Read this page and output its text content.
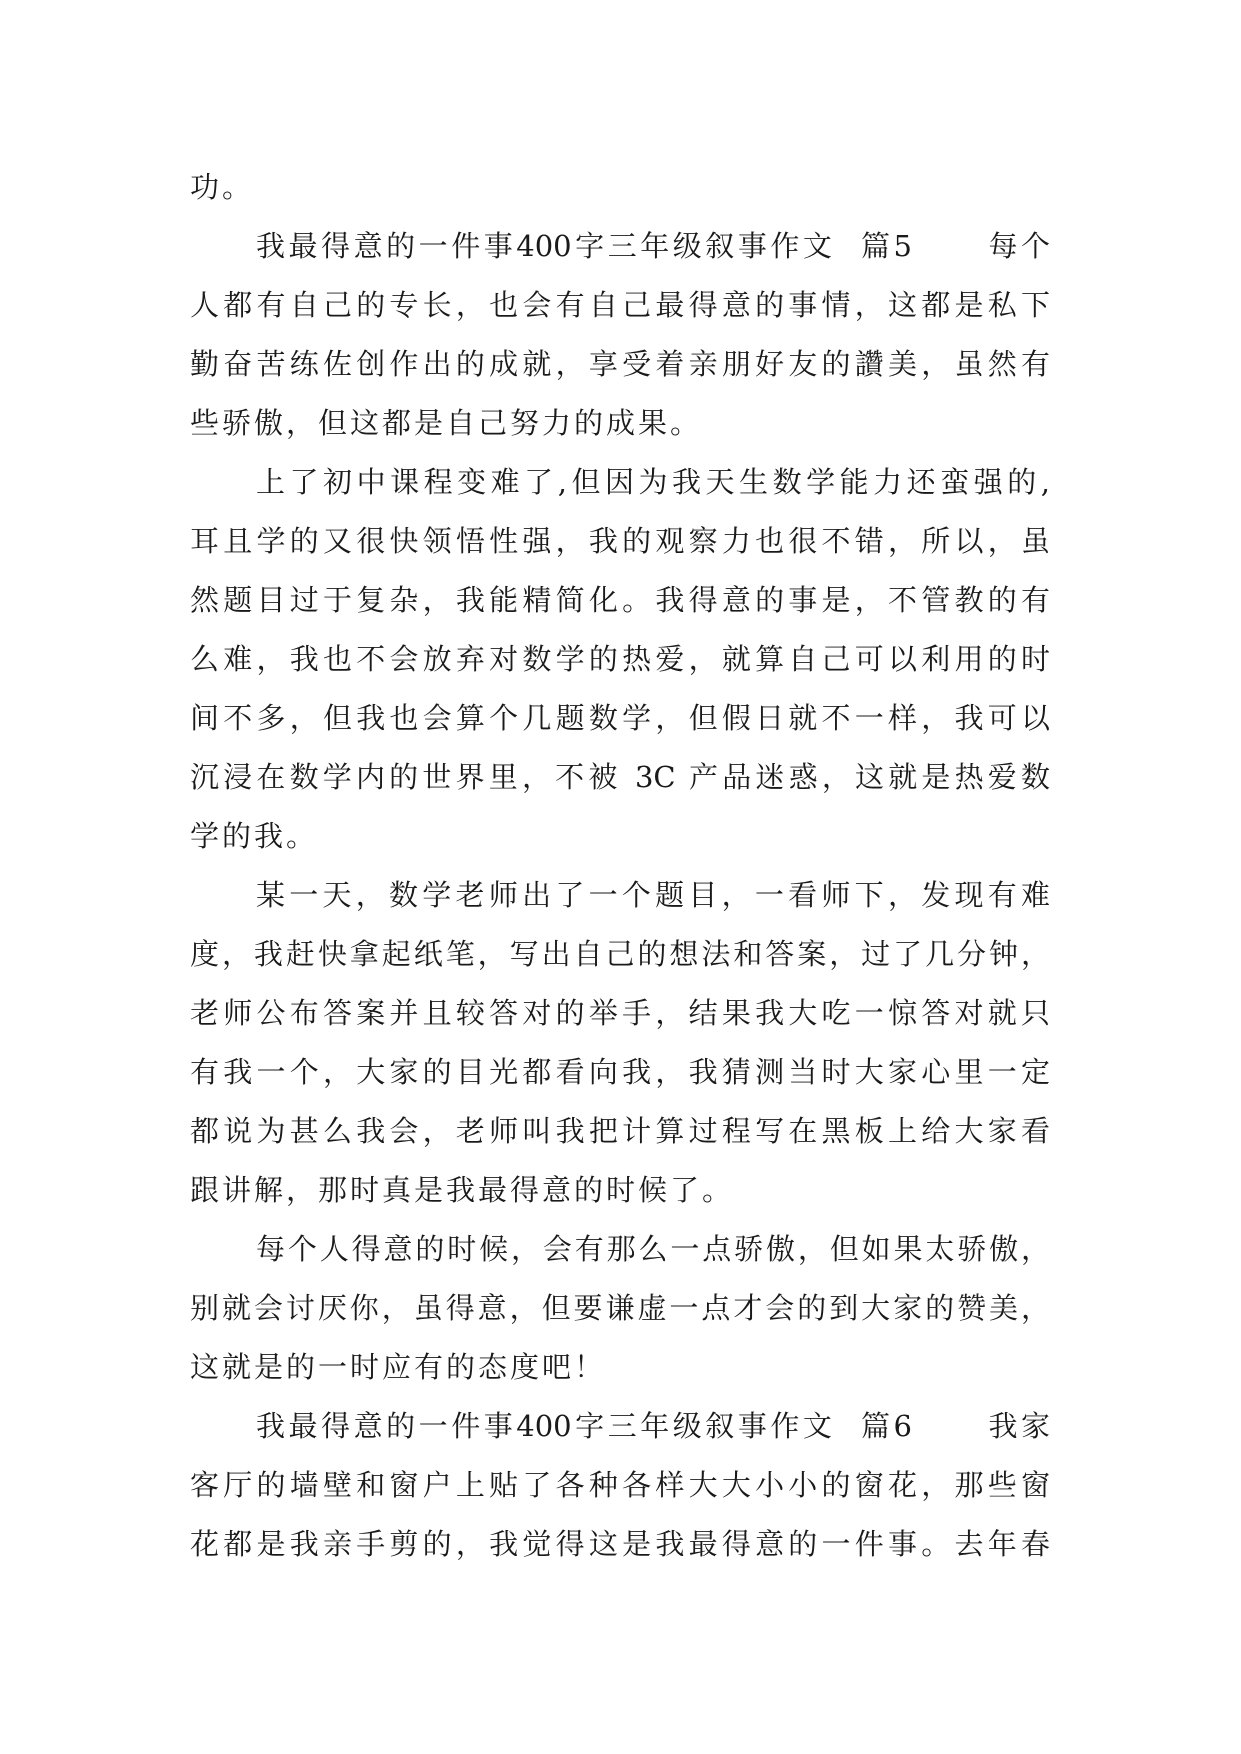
功。
我最得意的一件事400字三年级叙事作文  篇5      每个
人都有自己的专长，也会有自己最得意的事情，这都是私下
勤奋苦练佐创作出的成就，享受着亲朋好友的讚美，虽然有
些骄傲，但这都是自己努力的成果。
上了初中课程变难了,但因为我天生数学能力还蛮强的,
耳且学的又很快领悟性强，我的观察力也很不错，所以，虽
然题目过于复杂，我能精简化。我得意的事是，不管教的有
么难，我也不会放弃对数学的热爱，就算自己可以利用的时
间不多，但我也会算个几题数学，但假日就不一样，我可以
沉浸在数学内的世界里，不被 3C 产品迷惑，这就是热爱数
学的我。
某一天，数学老师出了一个题目，一看师下，发现有难
度，我赶快拿起纸笔，写出自己的想法和答案，过了几分钟，
老师公布答案并且较答对的举手，结果我大吃一惊答对就只
有我一个，大家的目光都看向我，我猜测当时大家心里一定
都说为甚么我会，老师叫我把计算过程写在黑板上给大家看
跟讲解，那时真是我最得意的时候了。
每个人得意的时候，会有那么一点骄傲，但如果太骄傲，
别就会讨厌你，虽得意，但要谦虚一点才会的到大家的赞美，
这就是的一时应有的态度吧！
我最得意的一件事400字三年级叙事作文  篇6      我家
客厅的墙壁和窗户上贴了各种各样大大小小的窗花，那些窗
花都是我亲手剪的，我觉得这是我最得意的一件事。去年春
